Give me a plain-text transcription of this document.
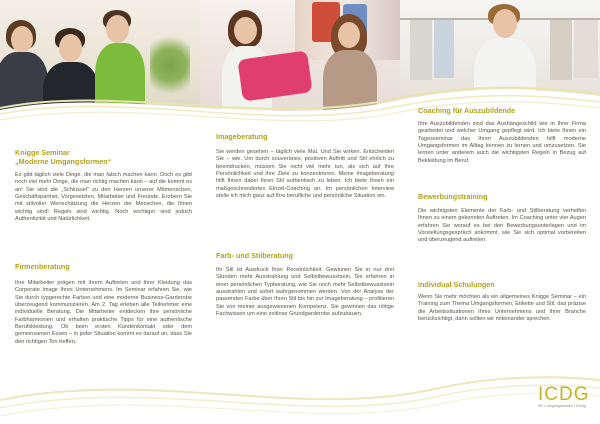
Knigge Seminar
„Moderne Umgangsformen“
Es gibt täglich viele Dinge, die man falsch machen kann. Doch es gibt noch viel mehr Dinge, die man richtig machen kann – auf die kommt es an! Sie sind die „Schlüssel“ zu den Herzen unserer Mitmenschen, Geschäftspartner, Vorgesetzten, Mitarbeiter und Freunde. Erobern Sie mit stilvoller Wertschätzung die Herzen der Menschen, die Ihnen wichtig sind! Regeln sind wichtig. Noch wichtiger sind jedoch Authentizität und Natürlichkeit.
Firmenberatung
Ihre Mitarbeiter prägen mit ihrem Auftreten und ihrer Kleidung das Corporate Image Ihres Unternehmens. Im Seminar erfahren Sie, wie Sie durch typgerechte Farben und eine moderne Business-Garderobe überzeugend kommunizieren. Am 2. Tag erleben alle Teilnehmer eine individuelle Beratung. Die Mitarbeiter entdecken ihre persönliche Farbharmonien und erhalten praktische Tipps für eine authentische Berufskleidung. Ob beim ersten Kundenkontakt oder dem gemeinsamen Essen – in jeder Situation kommt es darauf an, dass Sie den richtigen Ton treffen.
Imageberatung
Sie werden gesehen – täglich viele Mal. Und Sie wirken. Entscheiden Sie – wie. Um durch souveränes, positiven Auftritt und Stil ehrlich zu beeindrucken, müssen Sie nicht viel mehr tun, als sich auf Ihre Persönlichkeit und Ihre Ziele zu konzentrieren. Meine Imageberatung hilft Ihnen dabei Ihren Stil authentisch zu leben. Ich biete Ihnen ein maßgeschneidertes Einzel-Coaching an. Im persönlichen Interview stelle ich mich ganz auf Ihre berufliche und persönliche Situation ein.
Farb- und Stilberatung
Ihr Stil ist Ausdruck Ihrer Persönlichkeit. Gewinnen Sie in nur drei Stunden mehr Ausstrahlung und Selbstbewusstsein. Sie erfahren in einer persönlichen Typberatung, wie Sie noch mehr Selbstbewusstsein ausstrahlen und sofort wahrgenommen werden. Von der Analyse der passenden Farbe über Ihren Stil bis hin zur Imageberatung – profitieren Sie von meiner ausgewiesenen Kompetenz. Sie gewinnen das nötige Fachwissen um eine zeitlose Grundgarderobe aufzubauen.
Coaching für Auszubildende
Ihre Auszubildenden sind das Aushängeschild wie in Ihrer Firma gearbeitet und welcher Umgang gepflegt wird. Ich biete Ihnen ein Tagesseminar das Ihren Auszubildenden hilft moderne Umgangsformen im Alltag kennen zu lernen und umzusetzen. Sie lernen unter anderem auch die wichtigsten Regeln in Bezug auf Bekleidung im Beruf.
Bewerbungstraining
Die wichtigsten Elemente der Farb- und Stilberatung verhelfen Ihnen zu einem gekonnten Auftreten. Im Coaching unter vier Augen erfahren Sie worauf es bei den Bewerbungsunterlagen und im Vorstellungsgespräch ankommt, wie Sie sich optimal vorbereiten und überzeugend auftreten.
Individual Schulungen
Wenn Sie mehr möchten als ein allgemeines Knigge Seminar – ein Training zum Thema Umgangsformen, Etikette und Stil, das präzise die Arbeitssituationen Ihres Unternehmens und Ihrer Branche berücksichtigt, dann sollten wir miteinander sprechen.
ICDG
Stil • Umgangsformen • Erfolg
